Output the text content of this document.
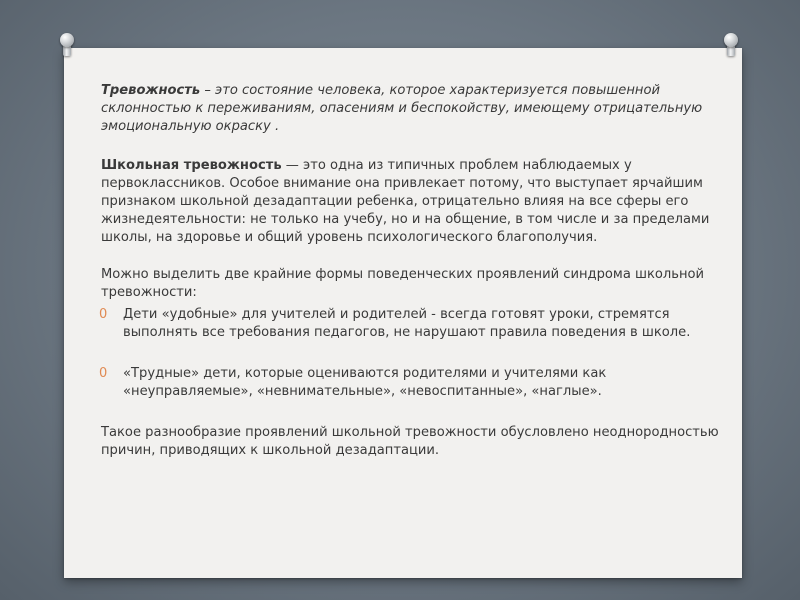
Тревожность – это состояние человека, которое характеризуется повышенной склонностью к переживаниям, опасениям и беспокойству, имеющему отрицательную эмоциональную окраску .

Школьная тревожность — это одна из типичных проблем наблюдаемых у первоклассников. Особое внимание она привлекает потому, что выступает ярчайшим признаком школьной дезадаптации ребенка, отрицательно влияя на все сферы его жизнедеятельности: не только на учебу, но и на общение, в том числе и за пределами школы, на здоровье и общий уровень психологического благополучия.

Можно выделить две крайние формы поведенческих проявлений синдрома школьной тревожности:

0 Дети «удобные» для учителей и родителей - всегда готовят уроки, стремятся выполнять все требования педагогов, не нарушают правила поведения в школе.

0 «Трудные» дети, которые оцениваются родителями и учителями как «неуправляемые», «невнимательные», «невоспитанные», «наглые».

Такое разнообразие проявлений школьной тревожности обусловлено неоднородностью причин, приводящих к школьной дезадаптации.
